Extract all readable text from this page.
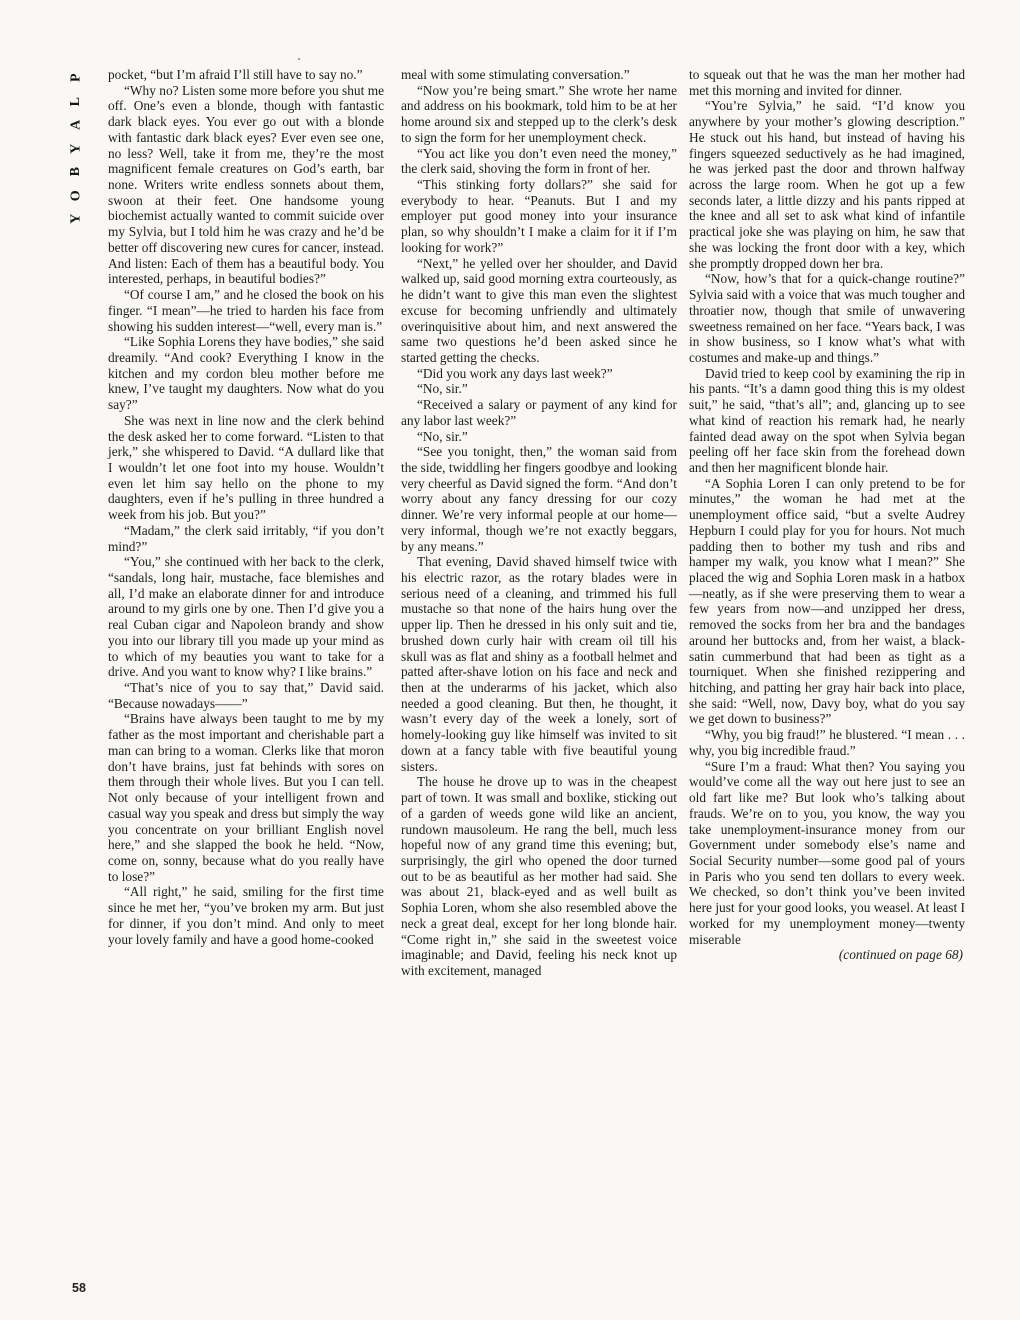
P
L
A
Y
B
O
Y

pocket, “but I’m afraid I’ll still have to say no.”

“Why no? Listen some more before you shut me off. One’s even a blonde, though with fantastic dark black eyes. You ever go out with a blonde with fantastic dark black eyes? Ever even see one, no less? Well, take it from me, they’re the most magnificent female creatures on God’s earth, bar none. Writers write endless sonnets about them, swoon at their feet. One handsome young biochemist actually wanted to commit suicide over my Sylvia, but I told him he was crazy and he’d be better off discovering new cures for cancer, instead. And listen: Each of them has a beautiful body. You interested, perhaps, in beautiful bodies?”

“Of course I am,” and he closed the book on his finger. “I mean”—he tried to harden his face from showing his sudden interest—“well, every man is.”

“Like Sophia Lorens they have bodies,” she said dreamily. “And cook? Everything I know in the kitchen and my cordon bleu mother before me knew, I’ve taught my daughters. Now what do you say?”

She was next in line now and the clerk behind the desk asked her to come forward. “Listen to that jerk,” she whispered to David. “A dullard like that I wouldn’t let one foot into my house. Wouldn’t even let him say hello on the phone to my daughters, even if he’s pulling in three hundred a week from his job. But you?”

“Madam,” the clerk said irritably, “if you don’t mind?”

“You,” she continued with her back to the clerk, “sandals, long hair, mustache, face blemishes and all, I’d make an elaborate dinner for and introduce around to my girls one by one. Then I’d give you a real Cuban cigar and Napoleon brandy and show you into our library till you made up your mind as to which of my beauties you want to take for a drive. And you want to know why? I like brains.”

“That’s nice of you to say that,” David said. “Because nowadays——”

“Brains have always been taught to me by my father as the most important and cherishable part a man can bring to a woman. Clerks like that moron don’t have brains, just fat behinds with sores on them through their whole lives. But you I can tell. Not only because of your intelligent frown and casual way you speak and dress but simply the way you concentrate on your brilliant English novel here,” and she slapped the book he held. “Now, come on, sonny, because what do you really have to lose?”

“All right,” he said, smiling for the first time since he met her, “you’ve broken my arm. But just for dinner, if you don’t mind. And only to meet your lovely family and have a good home-cooked

meal with some stimulating conversation.”

“Now you’re being smart.” She wrote her name and address on his bookmark, told him to be at her home around six and stepped up to the clerk’s desk to sign the form for her unemployment check.

“You act like you don’t even need the money,” the clerk said, shoving the form in front of her.

“This stinking forty dollars?” she said for everybody to hear. “Peanuts. But I and my employer put good money into your insurance plan, so why shouldn’t I make a claim for it if I’m looking for work?”

“Next,” he yelled over her shoulder, and David walked up, said good morning extra courteously, as he didn’t want to give this man even the slightest excuse for becoming unfriendly and ultimately overinquisitive about him, and next answered the same two questions he’d been asked since he started getting the checks.

“Did you work any days last week?”

“No, sir.”

“Received a salary or payment of any kind for any labor last week?”

“No, sir.”

“See you tonight, then,” the woman said from the side, twiddling her fingers goodbye and looking very cheerful as David signed the form. “And don’t worry about any fancy dressing for our cozy dinner. We’re very informal people at our home—very informal, though we’re not exactly beggars, by any means.”

That evening, David shaved himself twice with his electric razor, as the rotary blades were in serious need of a cleaning, and trimmed his full mustache so that none of the hairs hung over the upper lip. Then he dressed in his only suit and tie, brushed down curly hair with cream oil till his skull was as flat and shiny as a football helmet and patted after-shave lotion on his face and neck and then at the underarms of his jacket, which also needed a good cleaning. But then, he thought, it wasn’t every day of the week a lonely, sort of homely-looking guy like himself was invited to sit down at a fancy table with five beautiful young sisters.

The house he drove up to was in the cheapest part of town. It was small and boxlike, sticking out of a garden of weeds gone wild like an ancient, rundown mausoleum. He rang the bell, much less hopeful now of any grand time this evening; but, surprisingly, the girl who opened the door turned out to be as beautiful as her mother had said. She was about 21, black-eyed and as well built as Sophia Loren, whom she also resembled above the neck a great deal, except for her long blonde hair. “Come right in,” she said in the sweetest voice imaginable; and David, feeling his neck knot up with excitement, managed

to squeak out that he was the man her mother had met this morning and invited for dinner.

“You’re Sylvia,” he said. “I’d know you anywhere by your mother’s glowing description.” He stuck out his hand, but instead of having his fingers squeezed seductively as he had imagined, he was jerked past the door and thrown halfway across the large room. When he got up a few seconds later, a little dizzy and his pants ripped at the knee and all set to ask what kind of infantile practical joke she was playing on him, he saw that she was locking the front door with a key, which she promptly dropped down her bra.

“Now, how’s that for a quick-change routine?” Sylvia said with a voice that was much tougher and throatier now, though that smile of unwavering sweetness remained on her face. “Years back, I was in show business, so I know what’s what with costumes and make-up and things.”

David tried to keep cool by examining the rip in his pants. “It’s a damn good thing this is my oldest suit,” he said, “that’s all”; and, glancing up to see what kind of reaction his remark had, he nearly fainted dead away on the spot when Sylvia began peeling off her face skin from the forehead down and then her magnificent blonde hair.

“A Sophia Loren I can only pretend to be for minutes,” the woman he had met at the unemployment office said, “but a svelte Audrey Hepburn I could play for you for hours. Not much padding then to bother my tush and ribs and hamper my walk, you know what I mean?” She placed the wig and Sophia Loren mask in a hatbox—neatly, as if she were preserving them to wear a few years from now—and unzipped her dress, removed the socks from her bra and the bandages around her buttocks and, from her waist, a black-satin cummerbund that had been as tight as a tourniquet. When she finished rezippering and hitching, and patting her gray hair back into place, she said: “Well, now, Davy boy, what do you say we get down to business?”

“Why, you big fraud!” he blustered. “I mean . . . why, you big incredible fraud.”

“Sure I’m a fraud: What then? You saying you would’ve come all the way out here just to see an old fart like me? But look who’s talking about frauds. We’re on to you, you know, the way you take unemployment-insurance money from our Government under somebody else’s name and Social Security number—some good pal of yours in Paris who you send ten dollars to every week. We checked, so don’t think you’ve been invited here just for your good looks, you weasel. At least I worked for my unemployment money—twenty miserable

(continued on page 68)

58
